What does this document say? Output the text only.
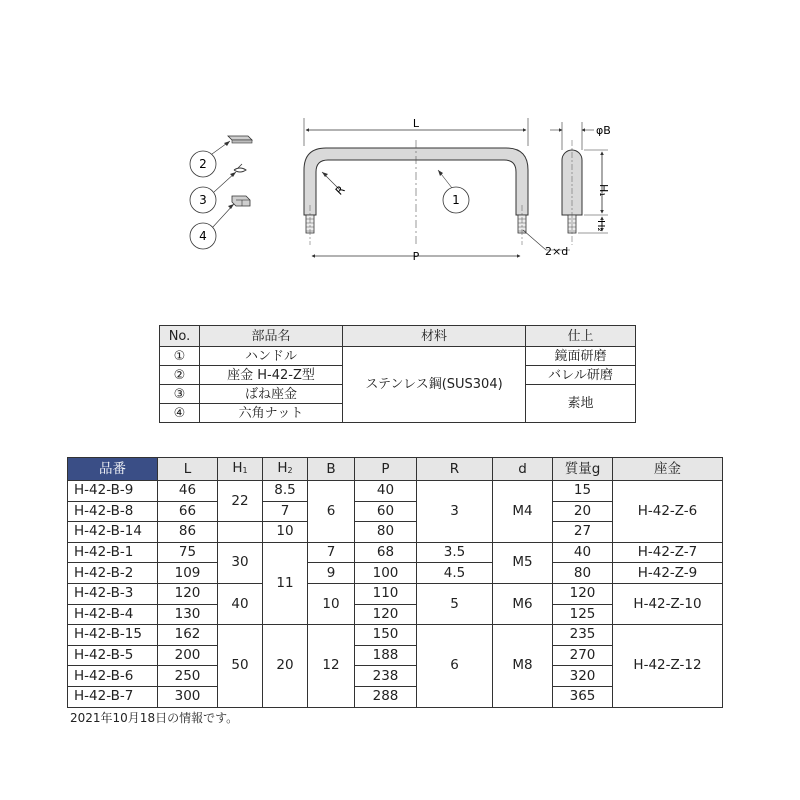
L
P
R
1
2×d
φB
H₁
H₂
2
3
4
No.	部品名	材料	仕上
①	ハンドル	ステンレス鋼(SUS304)	鏡面研磨
②	座金 H-42-Z型		バレル研磨
③	ばね座金		素地
④	六角ナット		
品番	L	$H_1$	$H_2$	B	P	R	d	質量g	座金
H-42-B-9	46	22	8.5	6	40	3	M4	15	H-42-Z-6
H-42-B-8	66		7		60			20	
H-42-B-14	86		10		80			27	
H-42-B-1	75	30	11	7	68	3.5	M5	40	H-42-Z-7
H-42-B-2	109			9	100	4.5		80	H-42-Z-9
H-42-B-3	120	40		10	110	5	M6	120	H-42-Z-10
H-42-B-4	130				120			125	
H-42-B-15	162	50	20	12	150	6	M8	235	H-42-Z-12
H-42-B-5	200				188			270	
H-42-B-6	250				238			320	
H-42-B-7	300				288			365	
2021年10月18日の情報です。
